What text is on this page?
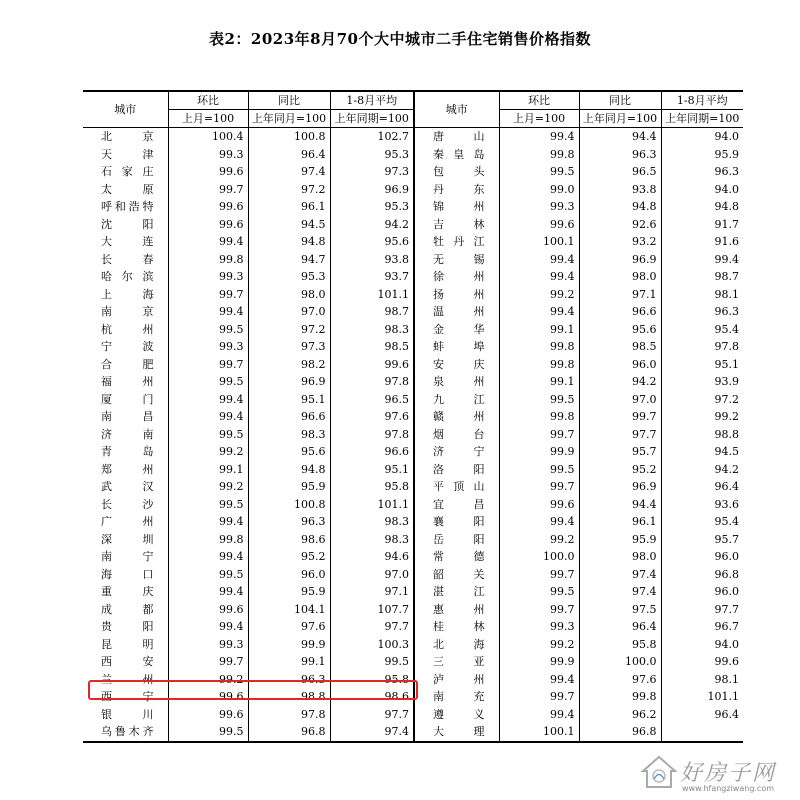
表2：2023年8月70个大中城市二手住宅销售价格指数
城市	环比	同比	1-8月平均	城市	环比	同比	1-8月平均
	上月=100	上年同月=100	上年同期=100		上月=100	上年同月=100	上年同期=100
北京	100.4	100.8	102.7	唐山	99.4	94.4	94.0
天津	99.3	96.4	95.3	秦皇岛	99.8	96.3	95.9
石家庄	99.6	97.4	97.3	包头	99.5	96.5	96.3
太原	99.7	97.2	96.9	丹东	99.0	93.8	94.0
呼和浩特	99.6	96.1	95.3	锦州	99.3	94.8	94.8
沈阳	99.6	94.5	94.2	吉林	99.6	92.6	91.7
大连	99.4	94.8	95.6	牡丹江	100.1	93.2	91.6
长春	99.8	94.7	93.8	无锡	99.4	96.9	99.4
哈尔滨	99.3	95.3	93.7	徐州	99.4	98.0	98.7
上海	99.7	98.0	101.1	扬州	99.2	97.1	98.1
南京	99.4	97.0	98.7	温州	99.4	96.6	96.3
杭州	99.5	97.2	98.3	金华	99.1	95.6	95.4
宁波	99.3	97.3	98.5	蚌埠	99.8	98.5	97.8
合肥	99.7	98.2	99.6	安庆	99.8	96.0	95.1
福州	99.5	96.9	97.8	泉州	99.1	94.2	93.9
厦门	99.4	95.1	96.5	九江	99.5	97.0	97.2
南昌	99.4	96.6	97.6	赣州	99.8	99.7	99.2
济南	99.5	98.3	97.8	烟台	99.7	97.7	98.8
青岛	99.2	95.6	96.6	济宁	99.9	95.7	94.5
郑州	99.1	94.8	95.1	洛阳	99.5	95.2	94.2
武汉	99.2	95.9	95.8	平顶山	99.7	96.9	96.4
长沙	99.5	100.8	101.1	宜昌	99.6	94.4	93.6
广州	99.4	96.3	98.3	襄阳	99.4	96.1	95.4
深圳	99.8	98.6	98.3	岳阳	99.2	95.9	95.7
南宁	99.4	95.2	94.6	常德	100.0	98.0	96.0
海口	99.5	96.0	97.0	韶关	99.7	97.4	96.8
重庆	99.4	95.9	97.1	湛江	99.5	97.4	96.0
成都	99.6	104.1	107.7	惠州	99.7	97.5	97.7
贵阳	99.4	97.6	97.7	桂林	99.3	96.4	96.7
昆明	99.3	99.9	100.3	北海	99.2	95.8	94.0
西安	99.7	99.1	99.5	三亚	99.9	100.0	99.6
兰州	99.2	96.3	95.8	泸州	99.4	97.6	98.1
西宁	99.6	98.8	98.6	南充	99.7	99.8	101.1
银川	99.6	97.8	97.7	遵义	99.4	96.2	96.4
乌鲁木齐	99.5	96.8	97.4	大理	100.1	96.8	
好房子网
www.hfangziwang.com
